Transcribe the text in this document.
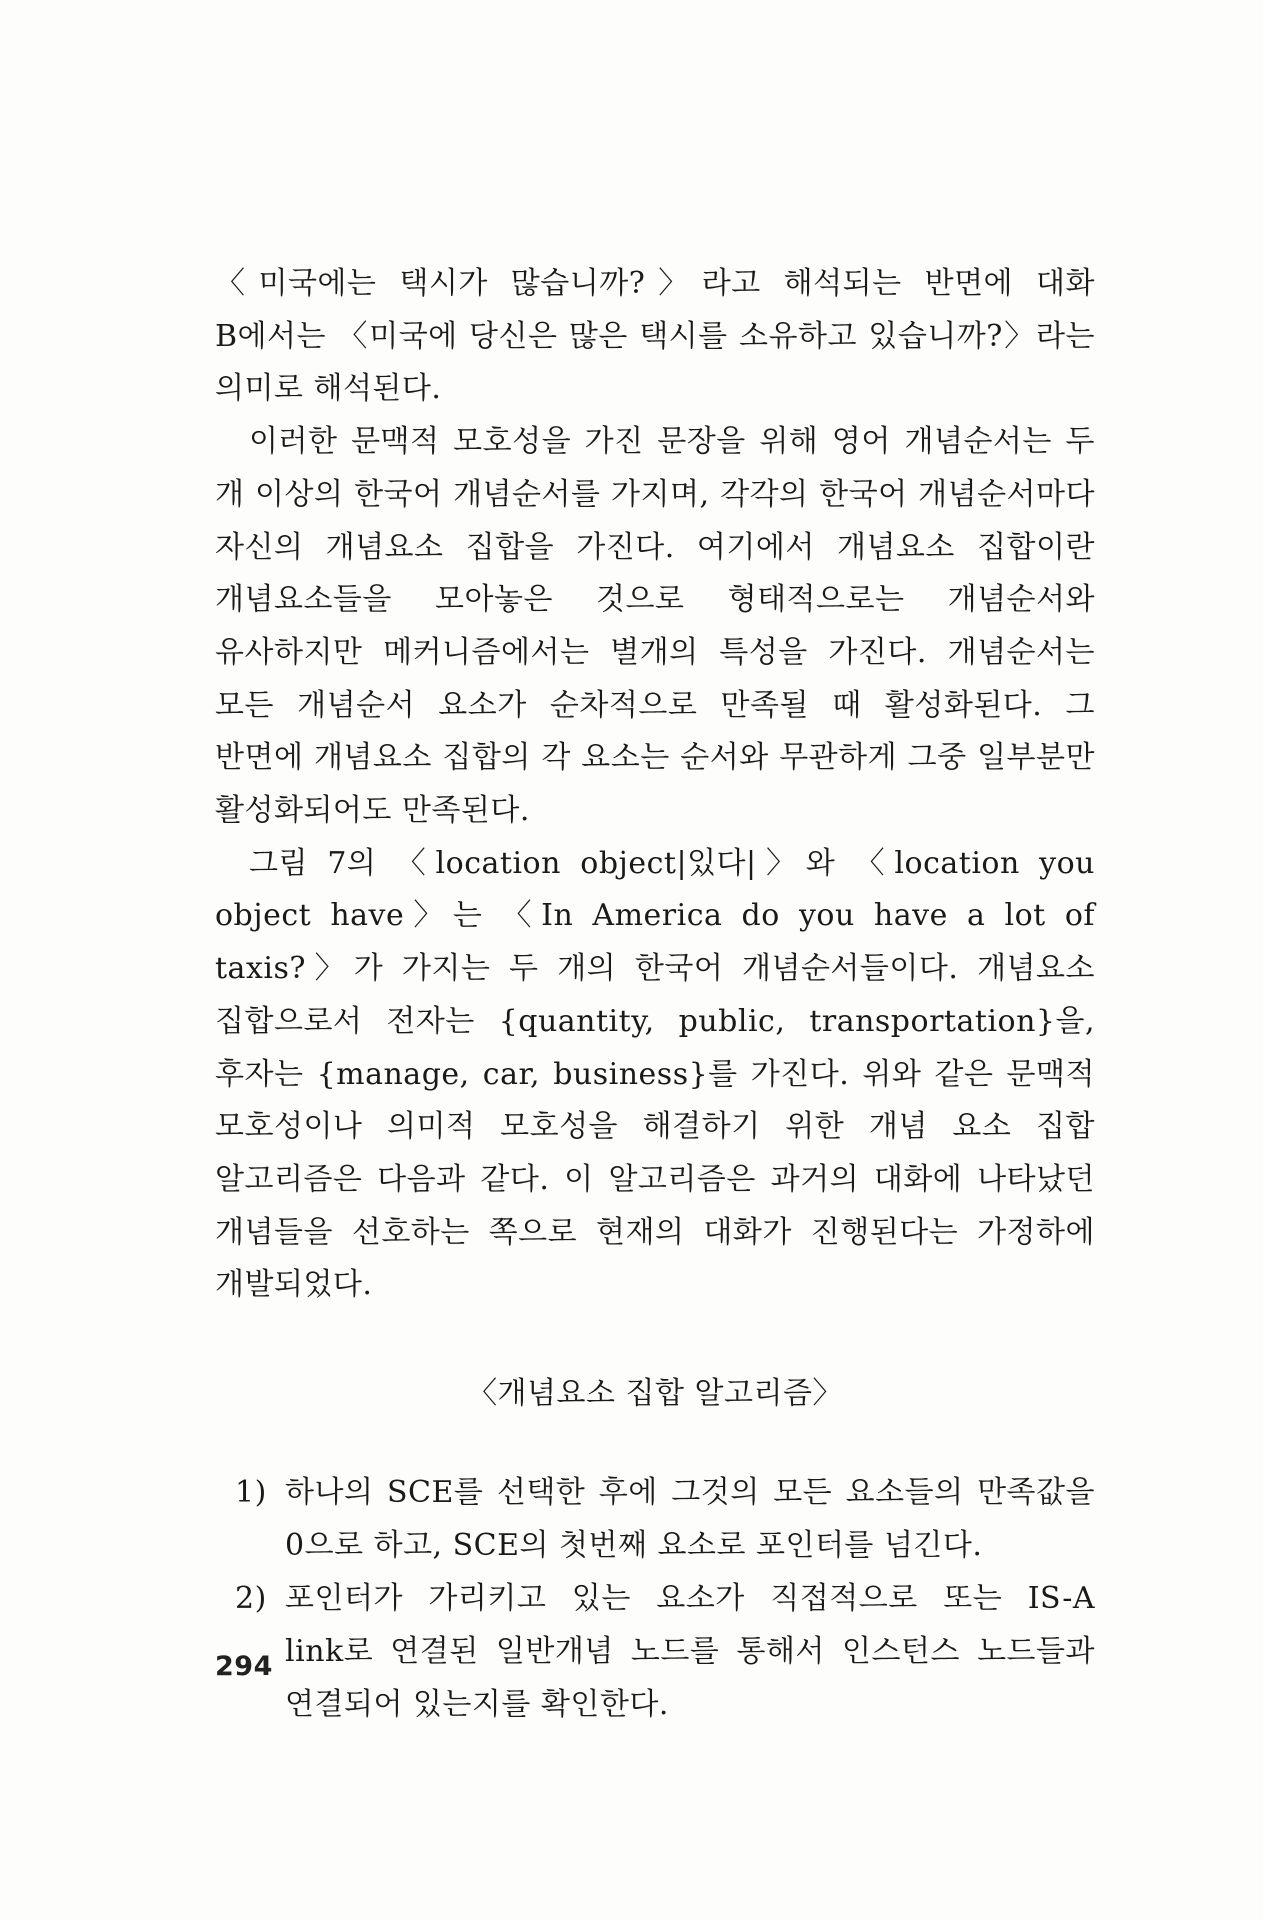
〈미국에는 택시가 많습니까?〉라고 해석되는 반면에 대화 B에서는 〈미국에 당신은 많은 택시를 소유하고 있습니까?〉라는 의미로 해석된다.

이러한 문맥적 모호성을 가진 문장을 위해 영어 개념순서는 두 개 이상의 한국어 개념순서를 가지며, 각각의 한국어 개념순서마다 자신의 개념요소 집합을 가진다. 여기에서 개념요소 집합이란 개념요소들을 모아놓은 것으로 형태적으로는 개념순서와 유사하지만 메커니즘에서는 별개의 특성을 가진다. 개념순서는 모든 개념순서 요소가 순차적으로 만족될 때 활성화된다. 그 반면에 개념요소 집합의 각 요소는 순서와 무관하게 그중 일부분만 활성화되어도 만족된다.

그림 7의 〈location object|있다|〉와 〈location you object have〉는 〈In America do you have a lot of taxis?〉가 가지는 두 개의 한국어 개념순서들이다. 개념요소 집합으로서 전자는 {quantity, public, transportation}을, 후자는 {manage, car, business}를 가진다. 위와 같은 문맥적 모호성이나 의미적 모호성을 해결하기 위한 개념 요소 집합 알고리즘은 다음과 같다. 이 알고리즘은 과거의 대화에 나타났던 개념들을 선호하는 쪽으로 현재의 대화가 진행된다는 가정하에 개발되었다.

〈개념요소 집합 알고리즘〉
1) 하나의 SCE를 선택한 후에 그것의 모든 요소들의 만족값을 0으로 하고, SCE의 첫번째 요소로 포인터를 넘긴다.
2) 포인터가 가리키고 있는 요소가 직접적으로 또는 IS-A link로 연결된 일반개념 노드를 통해서 인스턴스 노드들과 연결되어 있는지를 확인한다.
294
